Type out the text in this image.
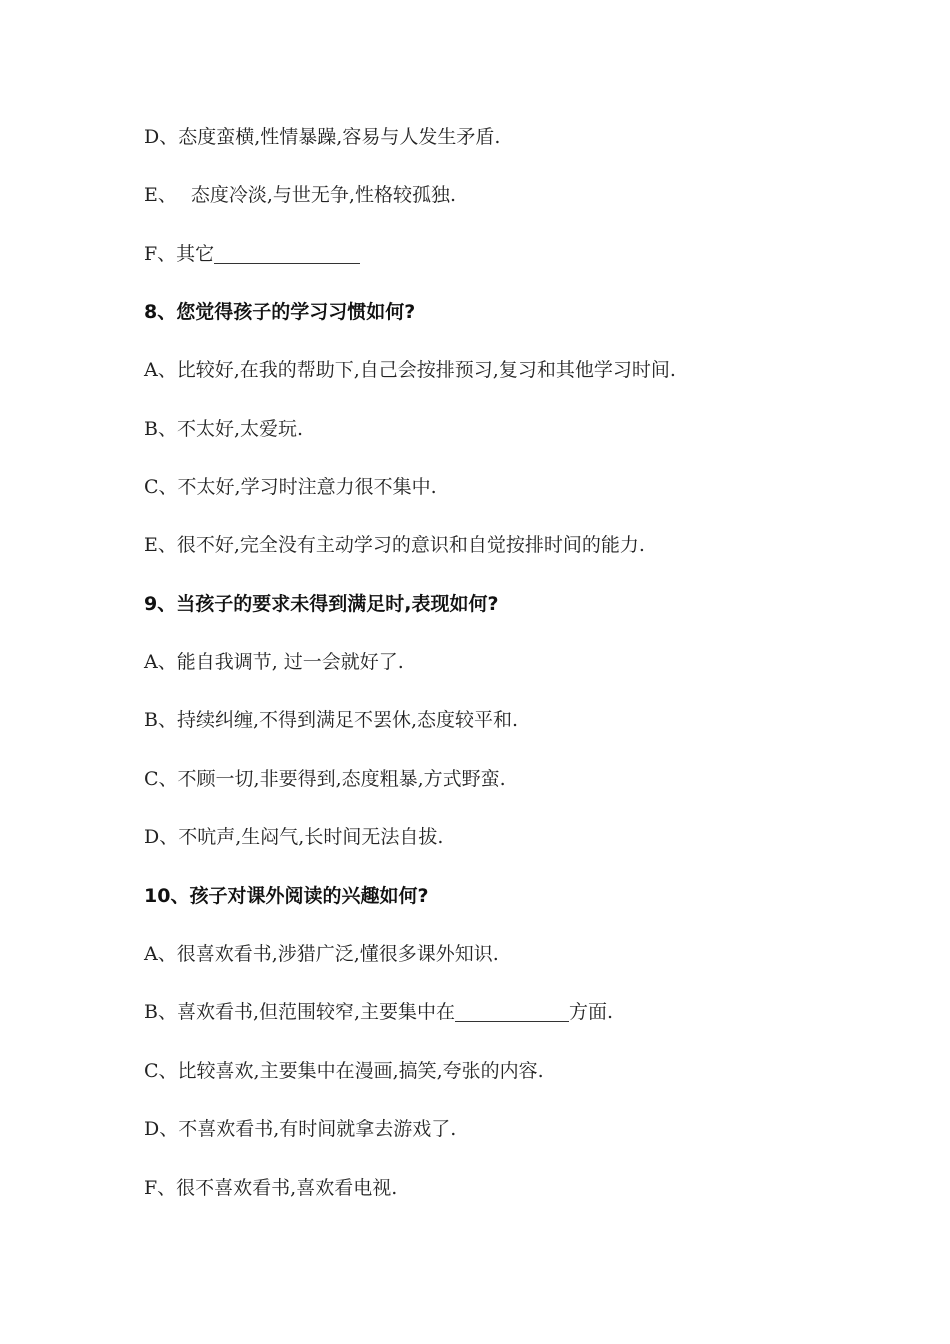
D、态度蛮横,性情暴躁,容易与人发生矛盾.
E、 态度冷淡,与世无争,性格较孤独.
F、其它
8、您觉得孩子的学习习惯如何?
A、比较好,在我的帮助下,自己会按排预习,复习和其他学习时间.
B、不太好,太爱玩.
C、不太好,学习时注意力很不集中.
E、很不好,完全没有主动学习的意识和自觉按排时间的能力.
9、当孩子的要求未得到满足时,表现如何?
A、能自我调节, 过一会就好了.
B、持续纠缠,不得到满足不罢休,态度较平和.
C、不顾一切,非要得到,态度粗暴,方式野蛮.
D、不吭声,生闷气,长时间无法自拔.
10、孩子对课外阅读的兴趣如何?
A、很喜欢看书,涉猎广泛,懂很多课外知识.
B、喜欢看书,但范围较窄,主要集中在	方面.
C、比较喜欢,主要集中在漫画,搞笑,夸张的内容.
D、不喜欢看书,有时间就拿去游戏了.
F、很不喜欢看书,喜欢看电视.
